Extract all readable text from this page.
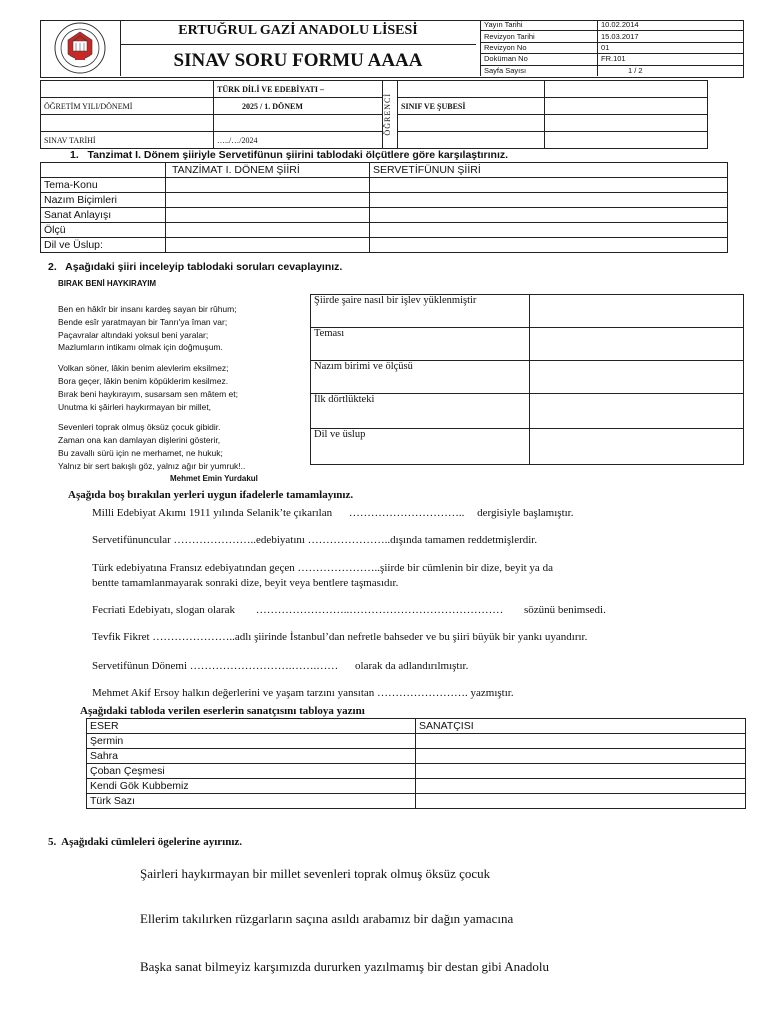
ERTUĞRUL GAZİ ANADOLU LİSESİ
SINAV SORU FORMU AAAA
Yayın Tarihi	10.02.2014
Revizyon Tarihi	15.03.2017
Revizyon No	01
Doküman No	FR.101
Sayfa Sayısı	1 / 2
	TÜRK DİLİ VE EDEBİYATI –	ÖĞRENCİ		

ÖĞRETİM YILI/DÖNEMİ	2025 / 1. DÖNEM		SINIF VE ŞUBESİ	

SINAV TARİHİ	…../…/2024			
1. Tanzimat I. Dönem şiiriyle Servetifünun şiirini tablodaki ölçütlere göre karşılaştırınız.
	TANZİMAT I. DÖNEM ŞİİRİ	SERVETİFÜNUN ŞİİRİ
Tema-Konu		
Nazım Biçimleri		
Sanat Anlayışı		
Ölçü		
Dil ve Üslup:		
2. Aşağıdaki şiiri inceleyip tablodaki soruları cevaplayınız.
BIRAK BENİ HAYKIRAYIM
Ben en hâkîr bir insanı kardeş sayan bir rûhum;
Bende esîr yaratmayan bir Tanrı'ya îman var;
Paçavralar altındaki yoksul beni yaralar;
Mazlumların intikamı olmak için doğmuşum.
Volkan söner, lâkin benim alevlerim eksilmez;
Bora geçer, lâkin benim köpüklerim kesilmez.
Bırak beni haykırayım, susarsam sen mâtem et;
Unutma ki şâirleri haykırmayan bir millet,
Sevenleri toprak olmuş öksüz çocuk gibidir.
Zaman ona kan damlayan dişlerini gösterir,
Bu zavallı sürü için ne merhamet, ne hukuk;
Yalnız bir sert bakışlı göz, yalnız ağır bir yumruk!..
Mehmet Emin Yurdakul
Şiirde şaire nasıl bir işlev yüklenmiştir	
Teması	
Nazım birimi ve ölçüsü	
İlk dörtlükteki	
Dil ve üslup	
Aşağıda boş bırakılan yerleri uygun ifadelerle tamamlayınız.
Milli Edebiyat Akımı 1911 yılında Selanik’te çıkarılan ………………………….. dergisiyle başlamıştır.
Servetifünuncular …………………..edebiyatını …………………..dışında tamamen reddetmişlerdir.
Türk edebiyatına Fransız edebiyatından geçen …………………..şiirde bir cümlenin bir dize, beyit ya da
bentte tamamlanmayarak sonraki dize, beyit veya bentlere taşmasıdır.
Fecriati Edebiyatı, slogan olarak ……………………..…………………………………… sözünü benimsedi.
Tevfik Fikret …………………..adlı şiirinde İstanbul’dan nefretle bahseder ve bu şiiri büyük bir yankı uyandırır.
Servetifünun Dönemi ……………………….…….…… olarak da adlandırılmıştır.
Mehmet Akif Ersoy halkın değerlerini ve yaşam tarzını yansıtan ……………………. yazmıştır.
Aşağıdaki tabloda verilen eserlerin sanatçısını tabloya yazını
ESER	SANATÇISI
Şermin	
Sahra	
Çoban Çeşmesi	
Kendi Gök Kubbemiz	
Türk Sazı	
5. Aşağıdaki cümleleri ögelerine ayırınız.
Şairleri haykırmayan bir millet sevenleri toprak olmuş öksüz çocuk
Ellerim takılırken rüzgarların saçına asıldı arabamız bir dağın yamacına
Başka sanat bilmeyiz karşımızda dururken yazılmamış bir destan gibi Anadolu
